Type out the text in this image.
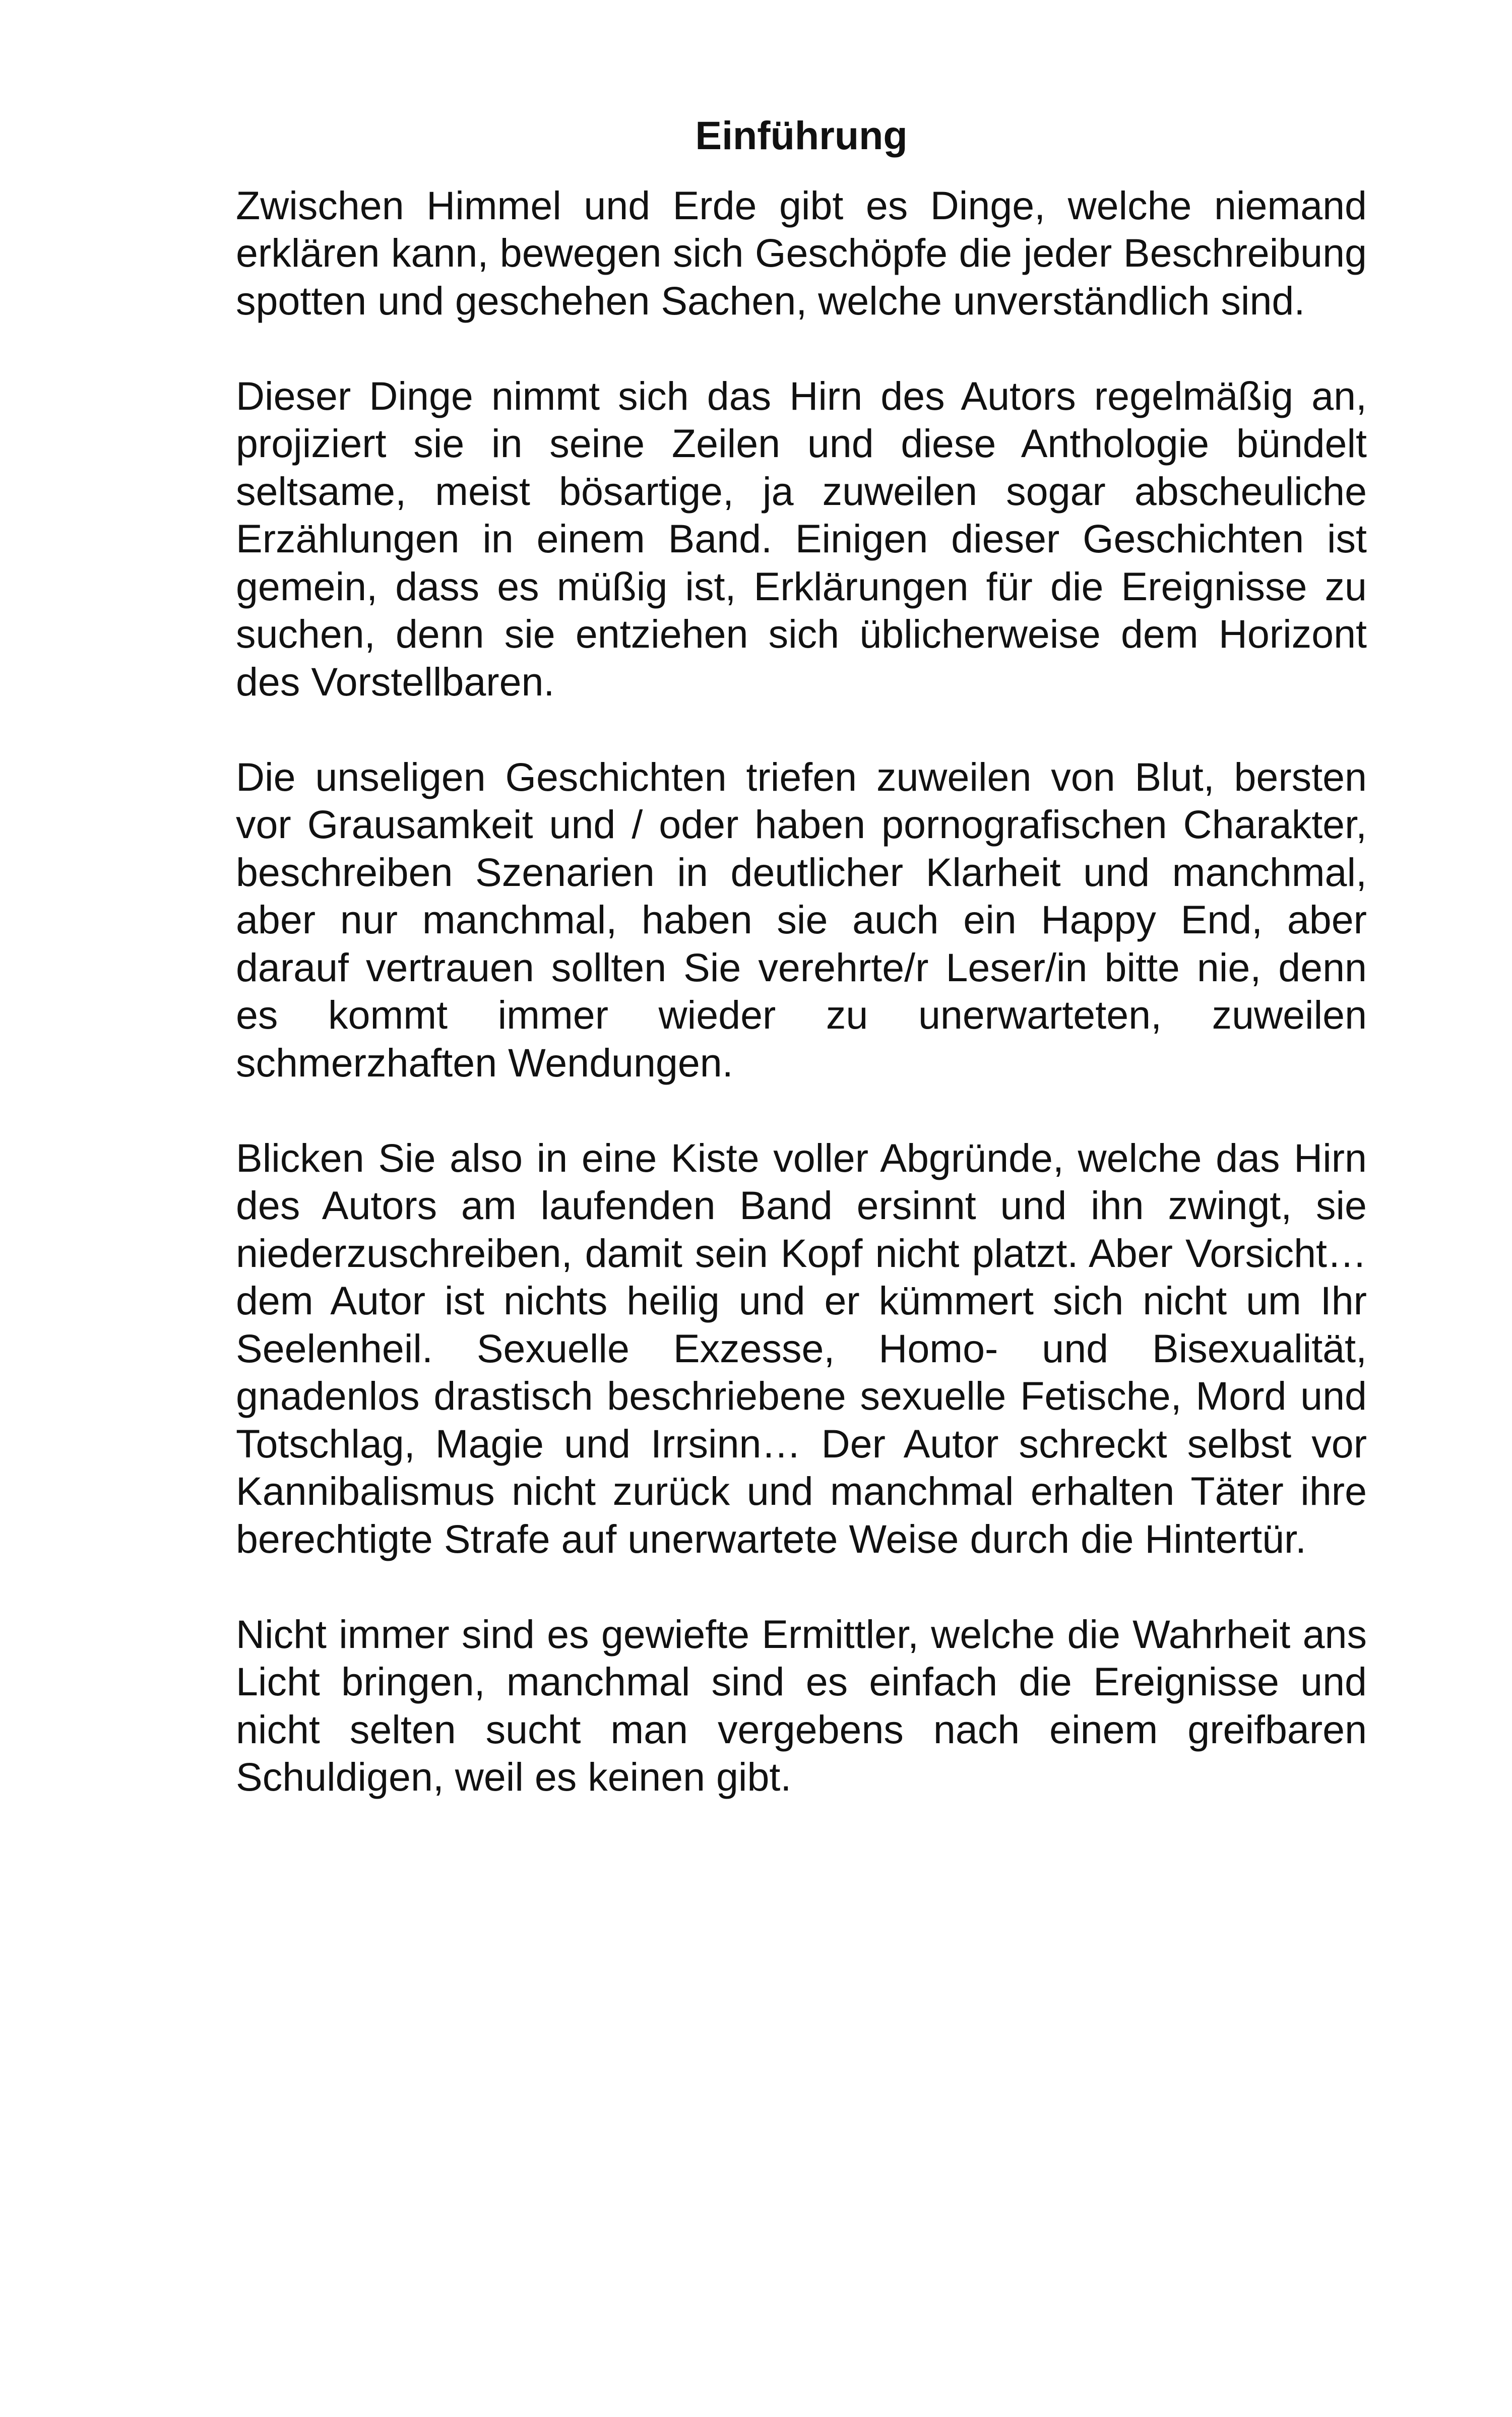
Einführung

Zwischen Himmel und Erde gibt es Dinge, welche niemand erklären kann, bewegen sich Geschöpfe die jeder Beschreibung spotten und geschehen Sachen, welche unverständlich sind.

Dieser Dinge nimmt sich das Hirn des Autors regelmäßig an, projiziert sie in seine Zeilen und diese Anthologie bündelt seltsame, meist bösartige, ja zuweilen sogar abscheuliche Erzählungen in einem Band. Einigen dieser Geschichten ist gemein, dass es müßig ist, Erklärungen für die Ereignisse zu suchen, denn sie entziehen sich üblicherweise dem Horizont des Vorstellbaren.

Die unseligen Geschichten triefen zuweilen von Blut, bersten vor Grausamkeit und / oder haben pornografischen Charakter, beschreiben Szenarien in deutlicher Klarheit und manchmal, aber nur manchmal, haben sie auch ein Happy End, aber darauf vertrauen sollten Sie verehrte/r Leser/in bitte nie, denn es kommt immer wieder zu unerwarteten, zuweilen schmerzhaften Wendungen.

Blicken Sie also in eine Kiste voller Abgründe, welche das Hirn des Autors am laufenden Band ersinnt und ihn zwingt, sie niederzuschreiben, damit sein Kopf nicht platzt. Aber Vorsicht… dem Autor ist nichts heilig und er kümmert sich nicht um Ihr Seelenheil. Sexuelle Exzesse, Homo- und Bisexualität, gnadenlos drastisch beschriebene sexuelle Fetische, Mord und Totschlag, Magie und Irrsinn… Der Autor schreckt selbst vor Kannibalismus nicht zurück und manchmal erhalten Täter ihre berechtigte Strafe auf unerwartete Weise durch die Hintertür.

Nicht immer sind es gewiefte Ermittler, welche die Wahrheit ans Licht bringen, manchmal sind es einfach die Ereignisse und nicht selten sucht man vergebens nach einem greifbaren Schuldigen, weil es keinen gibt.
